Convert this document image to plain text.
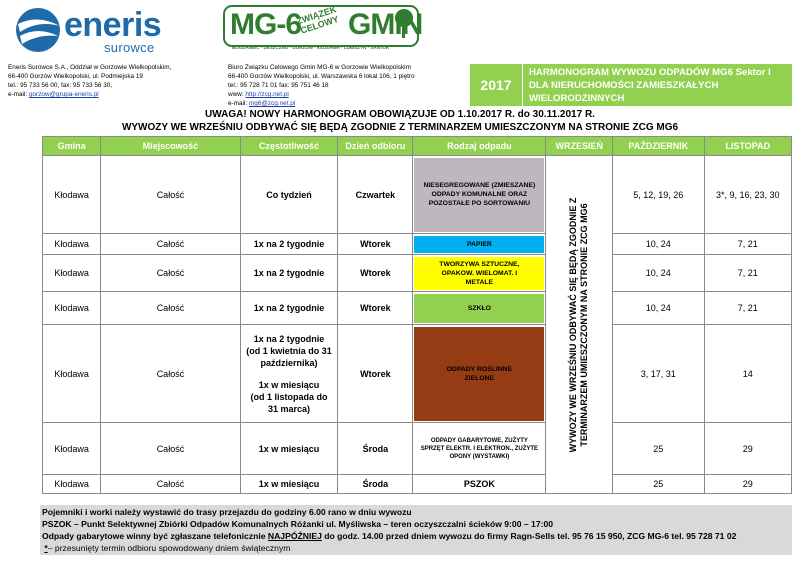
eneris
surowce
Eneris Surowce S.A., Oddział w Gorzowie Wielkopolskim,
66-400 Gorzów Wielkopolski, ul. Podmiejska 19
tel.: 95 733 56 00, fax: 95 733 56 30,
e-mail: gorzow@grupa-eneris.pl
MG-6
ZWIĄZEK CELOWY GMIN
BOGDANIEC · DESZCZNO · GORZÓW · KŁODAWA · LUBISZYN · SANTOK
Biuro Związku Celowego Gmin MG-6 w Gorzowie Wielkopolskim
66-400 Gorzów Wielkopolski, ul. Warszawska 6 lokal 106, 1 piętro
tel.: 95 728 71 01 fax: 95 751 46 18
www: http://zcg.net.pl
e-mail: mg6@zcg.net.pl
2017
HARMONOGRAM WYWOZU ODPADÓW MG6 Sektor I DLA NIERUCHOMOŚCI ZAMIESZKAŁYCH WIELORODZINNYCH
UWAGA! NOWY HARMONOGRAM OBOWIĄZUJE OD 1.10.2017 R. do 30.11.2017 R.
WYWOZY WE WRZEŚNIU ODBYWAĆ SIĘ BĘDĄ ZGODNIE Z TERMINARZEM UMIESZCZONYM NA STRONIE ZCG MG6
Gmina	Miejscowość	Częstotliwość	Dzień odbioru	Rodzaj odpadu	WRZESIEŃ	PAŹDZIERNIK	LISTOPAD
Kłodawa	Całość	Co tydzień	Czwartek	NIESEGREGOWANE (ZMIESZANE) ODPADY KOMUNALNE ORAZ POZOSTAŁE PO SORTOWANIU	WYWOZY WE WRZEŚNIU ODBYWAĆ SIĘ BĘDĄ ZGODNIE Z TERMINARZEM UMIESZCZONYM NA STRONIE ZCG MG6	5, 12, 19, 26	3*, 9, 16, 23, 30
Kłodawa	Całość	1x na 2 tygodnie	Wtorek	PAPIER		10, 24	7, 21
Kłodawa	Całość	1x na 2 tygodnie	Wtorek	TWORZYWA SZTUCZNE, OPAKOW. WIELOMAT. I METALE		10, 24	7, 21
Kłodawa	Całość	1x na 2 tygodnie	Wtorek	SZKŁO		10, 24	7, 21
Kłodawa	Całość	1x na 2 tygodnie
(od 1 kwietnia do 31 października)
1x w miesiącu
(od 1 listopada do 31 marca)	Wtorek	ODPADY ROŚLINNE ZIELONE		3, 17, 31	14
Kłodawa	Całość	1x w miesiącu	Środa	ODPADY GABARYTOWE, ZUŻYTY SPRZĘT ELEKTR. I ELEKTRON., ZUŻYTE OPONY (WYSTAWKI)		25	29
Kłodawa	Całość	1x w miesiącu	Środa	PSZOK		25	29
Pojemniki i worki należy wystawić do trasy przejazdu do godziny 6.00 rano w dniu wywozu
PSZOK – Punkt Selektywnej Zbiórki Odpadów Komunalnych Różanki ul. Myśliwska – teren oczyszczalni ścieków 9:00 – 17:00
Odpady gabarytowe winny być zgłaszane telefonicznie NAJPÓŹNIEJ do godz. 14.00 przed dniem wywozu do firmy Ragn-Sells tel. 95 76 15 950, ZCG MG-6 tel. 95 728 71 02
*– przesunięty termin odbioru spowodowany dniem świątecznym
